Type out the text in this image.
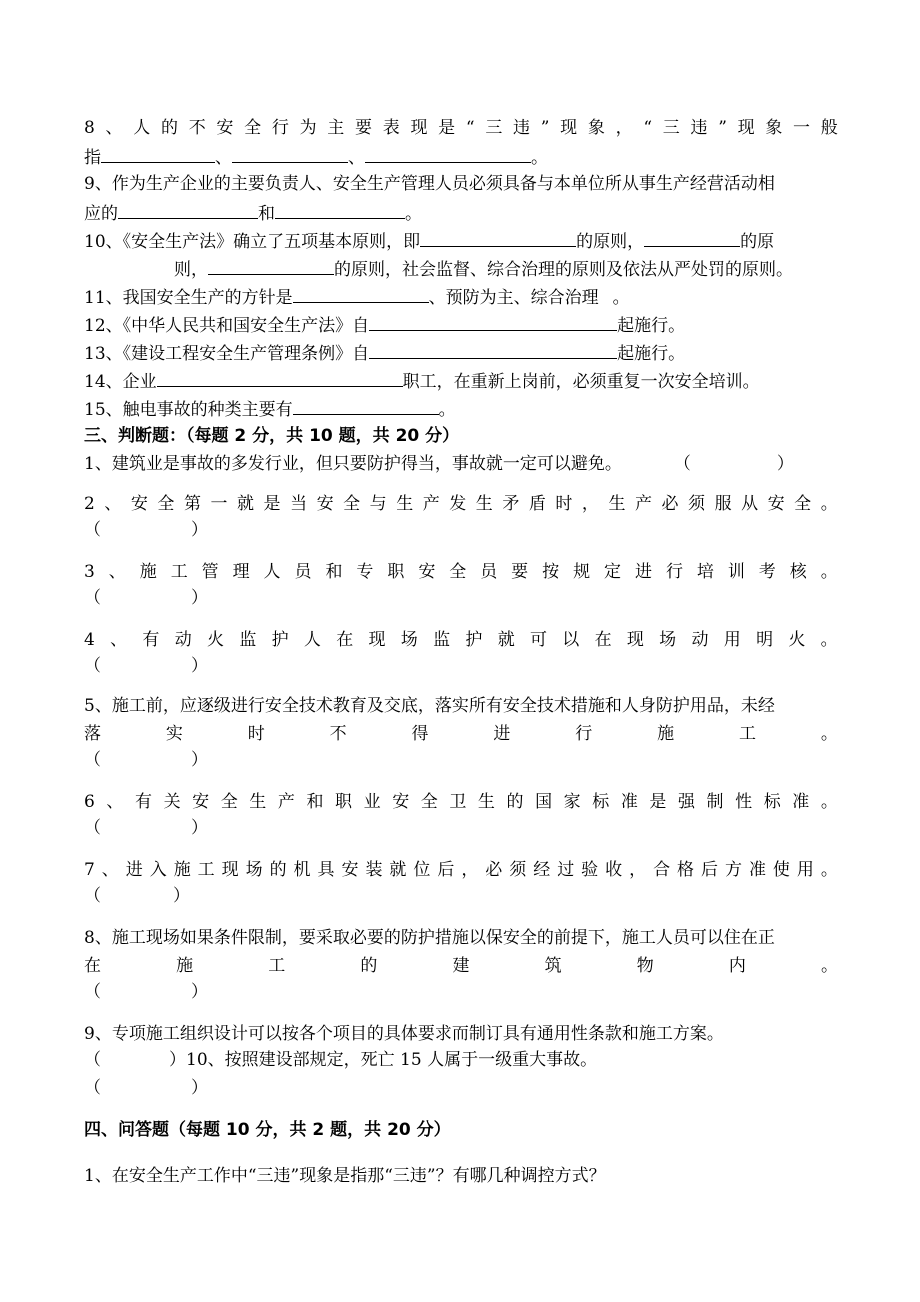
8 、 人 的 不 安 全 行 为 主 要 表 现 是 “ 三 违 ” 现 象 ， “ 三 违 ” 现 象 一 般
指	、	、	。
9、作为生产企业的主要负责人、安全生产管理人员必须具备与本单位所从事生产经营活动相
应的	和	。
10、《安全生产法》确立了五项基本原则，即	的原则，	的原
则，	的原则，社会监督、综合治理的原则及依法从严处罚的原则。
11、我国安全生产的方针是	、预防为主、综合治理 。
12、《中华人民共和国安全生产法》自	起施行。
13、《建设工程安全生产管理条例》自	起施行。
14、企业	职工，在重新上岗前，必须重复一次安全培训。
15、触电事故的种类主要有	。
三、判断题：（每题 2 分，共 10 题，共 20 分）
1、建筑业是事故的多发行业，但只要防护得当，事故就一定可以避免。	（	）
2 、 安 全 第 一 就 是 当 安 全 与 生 产 发 生 矛 盾 时 ， 生 产 必 须 服 从 安 全 。
（	）
3 、 施 工 管 理 人 员 和 专 职 安 全 员 要 按 规 定 进 行 培 训 考 核 。
（	）
4 、 有 动 火 监 护 人 在 现 场 监 护 就 可 以 在 现 场 动 用 明 火 。
（	）
5、施工前，应逐级进行安全技术教育及交底，落实所有安全技术措施和人身防护用品，未经
落	实	时	不	得	进	行	施	工	。
（	）
6 、 有 关 安 全 生 产 和 职 业 安 全 卫 生 的 国 家 标 准 是 强 制 性 标 准 。
（	）
7 、 进 入 施 工 现 场 的 机 具 安 装 就 位 后 ， 必 须 经 过 验 收 ， 合 格 后 方 准 使 用 。
（	）
8、施工现场如果条件限制，要采取必要的防护措施以保安全的前提下，施工人员可以住在正
在	施	工	的	建	筑	物	内	。
（	）
9、专项施工组织设计可以按各个项目的具体要求而制订具有通用性条款和施工方案。
（	）10、按照建设部规定，死亡 15 人属于一级重大事故。
（	）
四、问答题（每题 10 分，共 2 题，共 20 分）
1、在安全生产工作中“三违”现象是指那“三违”？有哪几种调控方式？
